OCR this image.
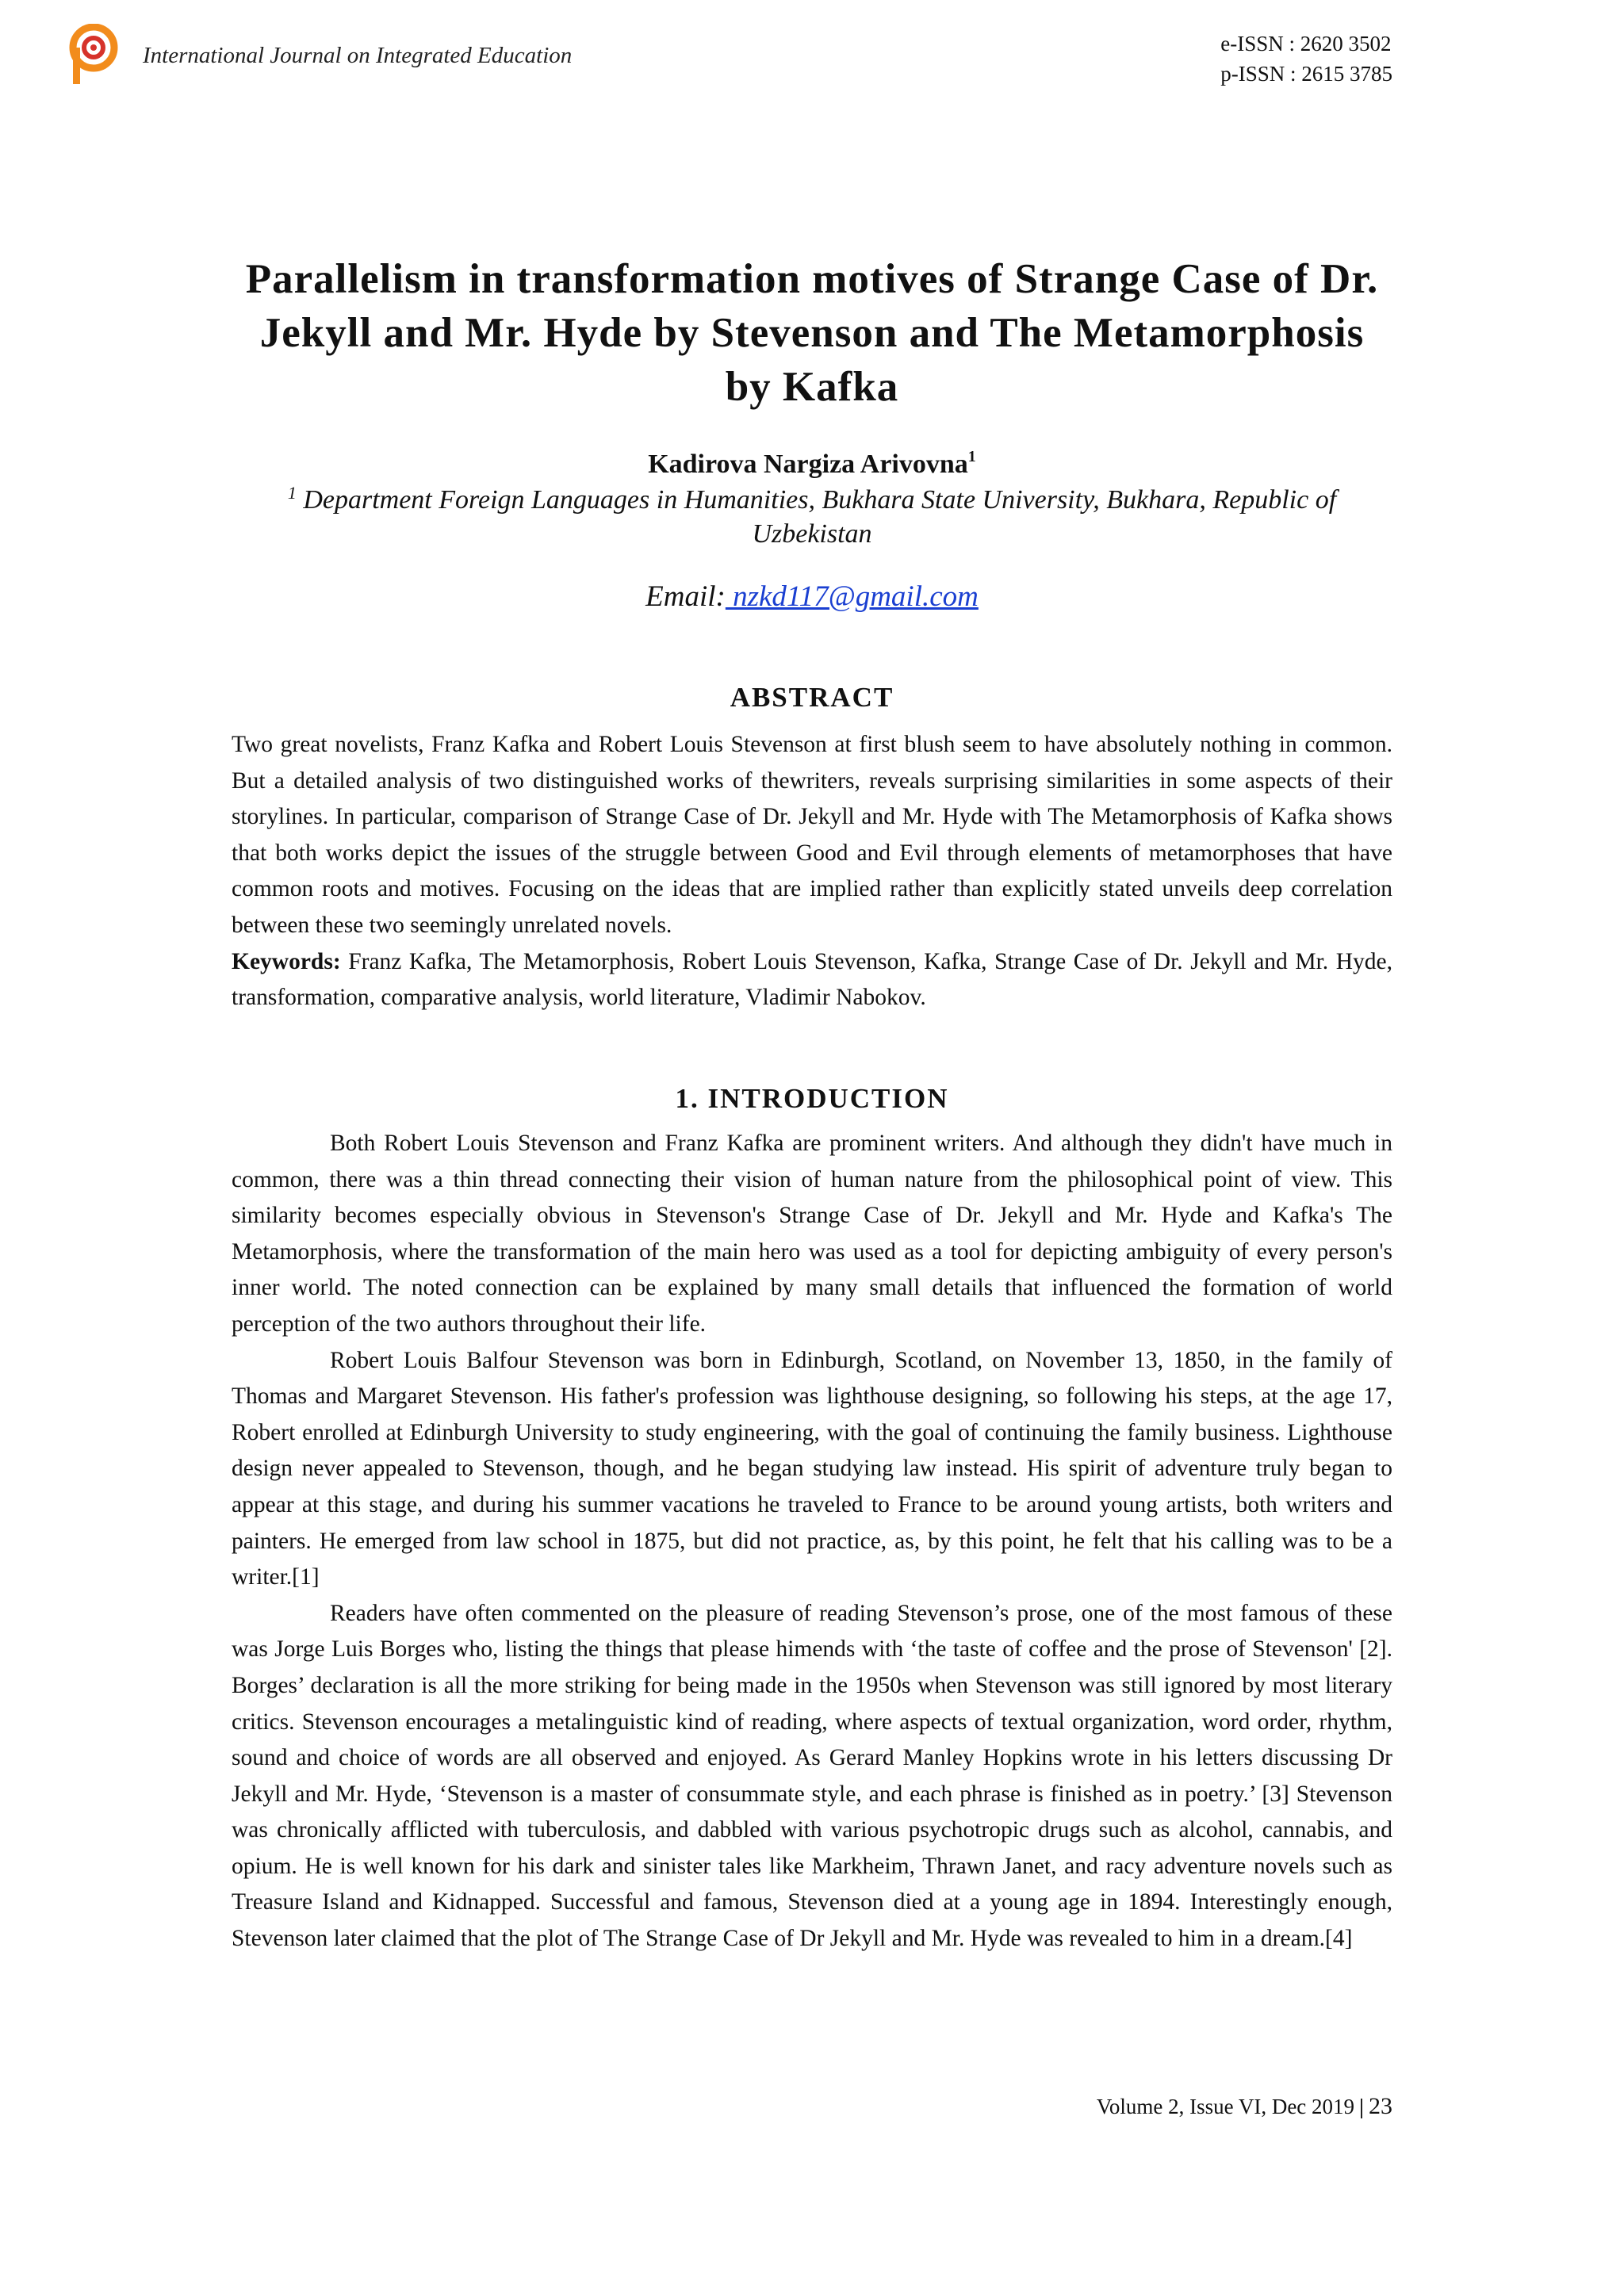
International Journal on Integrated Education	e-ISSN : 2620 3502
p-ISSN : 2615 3785
Parallelism in transformation motives of Strange Case of Dr. Jekyll and Mr. Hyde by Stevenson and The Metamorphosis by Kafka
Kadirova Nargiza Arivovna$^1$
$^1$ Department Foreign Languages in Humanities, Bukhara State University, Bukhara, Republic of Uzbekistan
Email: nzkd117@gmail.com
ABSTRACT

Two great novelists, Franz Kafka and Robert Louis Stevenson at first blush seem to have absolutely nothing in common. But a detailed analysis of two distinguished works of thewriters, reveals surprising similarities in some aspects of their storylines. In particular, comparison of Strange Case of Dr. Jekyll and Mr. Hyde with The Metamorphosis of Kafka shows that both works depict the issues of the struggle between Good and Evil through elements of metamorphoses that have common roots and motives. Focusing on the ideas that are implied rather than explicitly stated unveils deep correlation between these two seemingly unrelated novels.

Keywords: Franz Kafka, The Metamorphosis, Robert Louis Stevenson, Kafka, Strange Case of Dr. Jekyll and Mr. Hyde, transformation, comparative analysis, world literature, Vladimir Nabokov.

1. INTRODUCTION

Both Robert Louis Stevenson and Franz Kafka are prominent writers. And although they didn't have much in common, there was a thin thread connecting their vision of human nature from the philosophical point of view. This similarity becomes especially obvious in Stevenson's Strange Case of Dr. Jekyll and Mr. Hyde and Kafka's The Metamorphosis, where the transformation of the main hero was used as a tool for depicting ambiguity of every person's inner world. The noted connection can be explained by many small details that influenced the formation of world perception of the two authors throughout their life.

Robert Louis Balfour Stevenson was born in Edinburgh, Scotland, on November 13, 1850, in the family of Thomas and Margaret Stevenson. His father's profession was lighthouse designing, so following his steps, at the age 17, Robert enrolled at Edinburgh University to study engineering, with the goal of continuing the family business. Lighthouse design never appealed to Stevenson, though, and he began studying law instead. His spirit of adventure truly began to appear at this stage, and during his summer vacations he traveled to France to be around young artists, both writers and painters. He emerged from law school in 1875, but did not practice, as, by this point, he felt that his calling was to be a writer.[1]

Readers have often commented on the pleasure of reading Stevenson’s prose, one of the most famous of these was Jorge Luis Borges who, listing the things that please himends with ‘the taste of coffee and the prose of Stevenson' [2]. Borges’ declaration is all the more striking for being made in the 1950s when Stevenson was still ignored by most literary critics. Stevenson encourages a metalinguistic kind of reading, where aspects of textual organization, word order, rhythm, sound and choice of words are all observed and enjoyed. As Gerard Manley Hopkins wrote in his letters discussing Dr Jekyll and Mr. Hyde, ‘Stevenson is a master of consummate style, and each phrase is finished as in poetry.’ [3] Stevenson was chronically afflicted with tuberculosis, and dabbled with various psychotropic drugs such as alcohol, cannabis, and opium. He is well known for his dark and sinister tales like Markheim, Thrawn Janet, and racy adventure novels such as Treasure Island and Kidnapped. Successful and famous, Stevenson died at a young age in 1894. Interestingly enough, Stevenson later claimed that the plot of The Strange Case of Dr Jekyll and Mr. Hyde was revealed to him in a dream.[4]

Volume 2, Issue VI, Dec 2019 | 23
